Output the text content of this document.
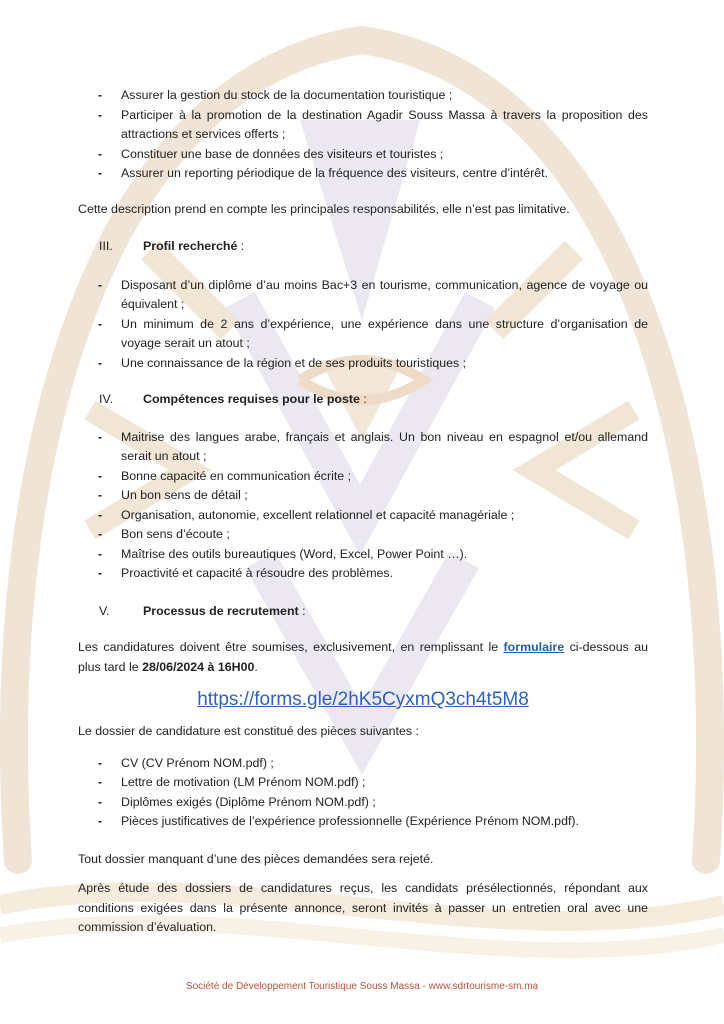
- Assurer la gestion du stock de la documentation touristique ;
- Participer à la promotion de la destination Agadir Souss Massa à travers la proposition des attractions et services offerts ;
- Constituer une base de données des visiteurs et touristes ;
- Assurer un reporting périodique de la fréquence des visiteurs, centre d’intérêt.

Cette description prend en compte les principales responsabilités, elle n’est pas limitative.

III. Profil recherché :
- Disposant d’un diplôme d’au moins Bac+3 en tourisme, communication, agence de voyage ou équivalent ;
- Un minimum de 2 ans d’expérience, une expérience dans une structure d’organisation de voyage serait un atout ;
- Une connaissance de la région et de ses produits touristiques ;
IV. Compétences requises pour le poste :
- Maitrise des langues arabe, français et anglais. Un bon niveau en espagnol et/ou allemand serait un atout ;
- Bonne capacité en communication écrite ;
- Un bon sens de détail ;
- Organisation, autonomie, excellent relationnel et capacité managériale ;
- Bon sens d’écoute ;
- Maîtrise des outils bureautiques (Word, Excel, Power Point …).
- Proactivité et capacité à résoudre des problèmes.
V.	Processus de recrutement :

Les candidatures doivent être soumises, exclusivement, en remplissant le formulaire ci-dessous au plus tard le 28/06/2024 à 16H00.

https://forms.gle/2hK5CyxmQ3ch4t5M8

Le dossier de candidature est constitué des pièces suivantes :

- CV (CV Prénom NOM.pdf) ;
- Lettre de motivation (LM Prénom NOM.pdf) ;
- Diplômes exigés (Diplôme Prénom NOM.pdf) ;
- Pièces justificatives de l’expérience professionnelle (Expérience Prénom NOM.pdf).

Tout dossier manquant d’une des pièces demandées sera rejeté.

Après étude des dossiers de candidatures reçus, les candidats présélectionnés, répondant aux conditions exigées dans la présente annonce, seront invités à passer un entretien oral avec une commission d’évaluation.

Société de Développement Touristique Souss Massa - www.sdrtourisme-sm.ma
